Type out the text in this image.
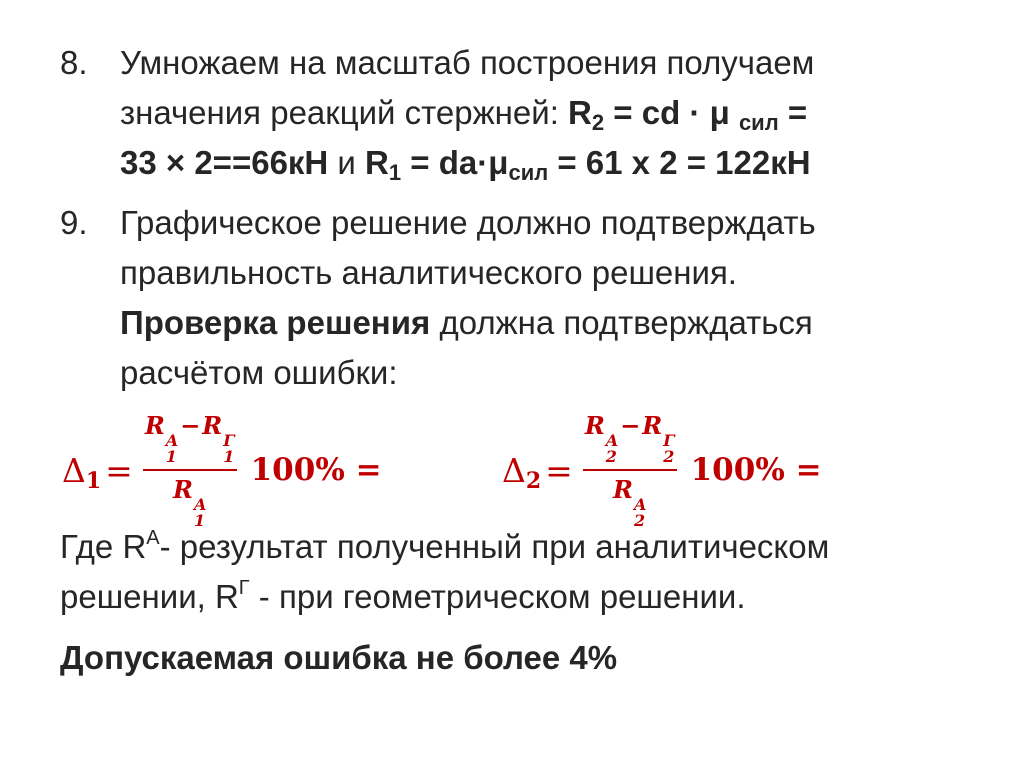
8. Умножаем на масштаб построения получаем
значения реакций стержней: $R_2$ = cd · μ $_{сил}$ =
33 × 2==66кН и $R_1 = da\cdot\mu_{сил} = 61$ х 2 = 122кН
9. Графическое решение должно подтверждать
правильность аналитического решения.
Проверка решения должна подтверждаться
расчётом ошибки:
$\Delta_1 = R$
A
1
−R
Γ
1
R
A
1 100% =	$\Delta_2 = R$
A
2
−R
Γ
2
R
A
2 100% =
Где $R^A-$ результат полученный при аналитическом
решении, $R^Г$ - при геометрическом решении.
Допускаемая ошибка не более 4%
